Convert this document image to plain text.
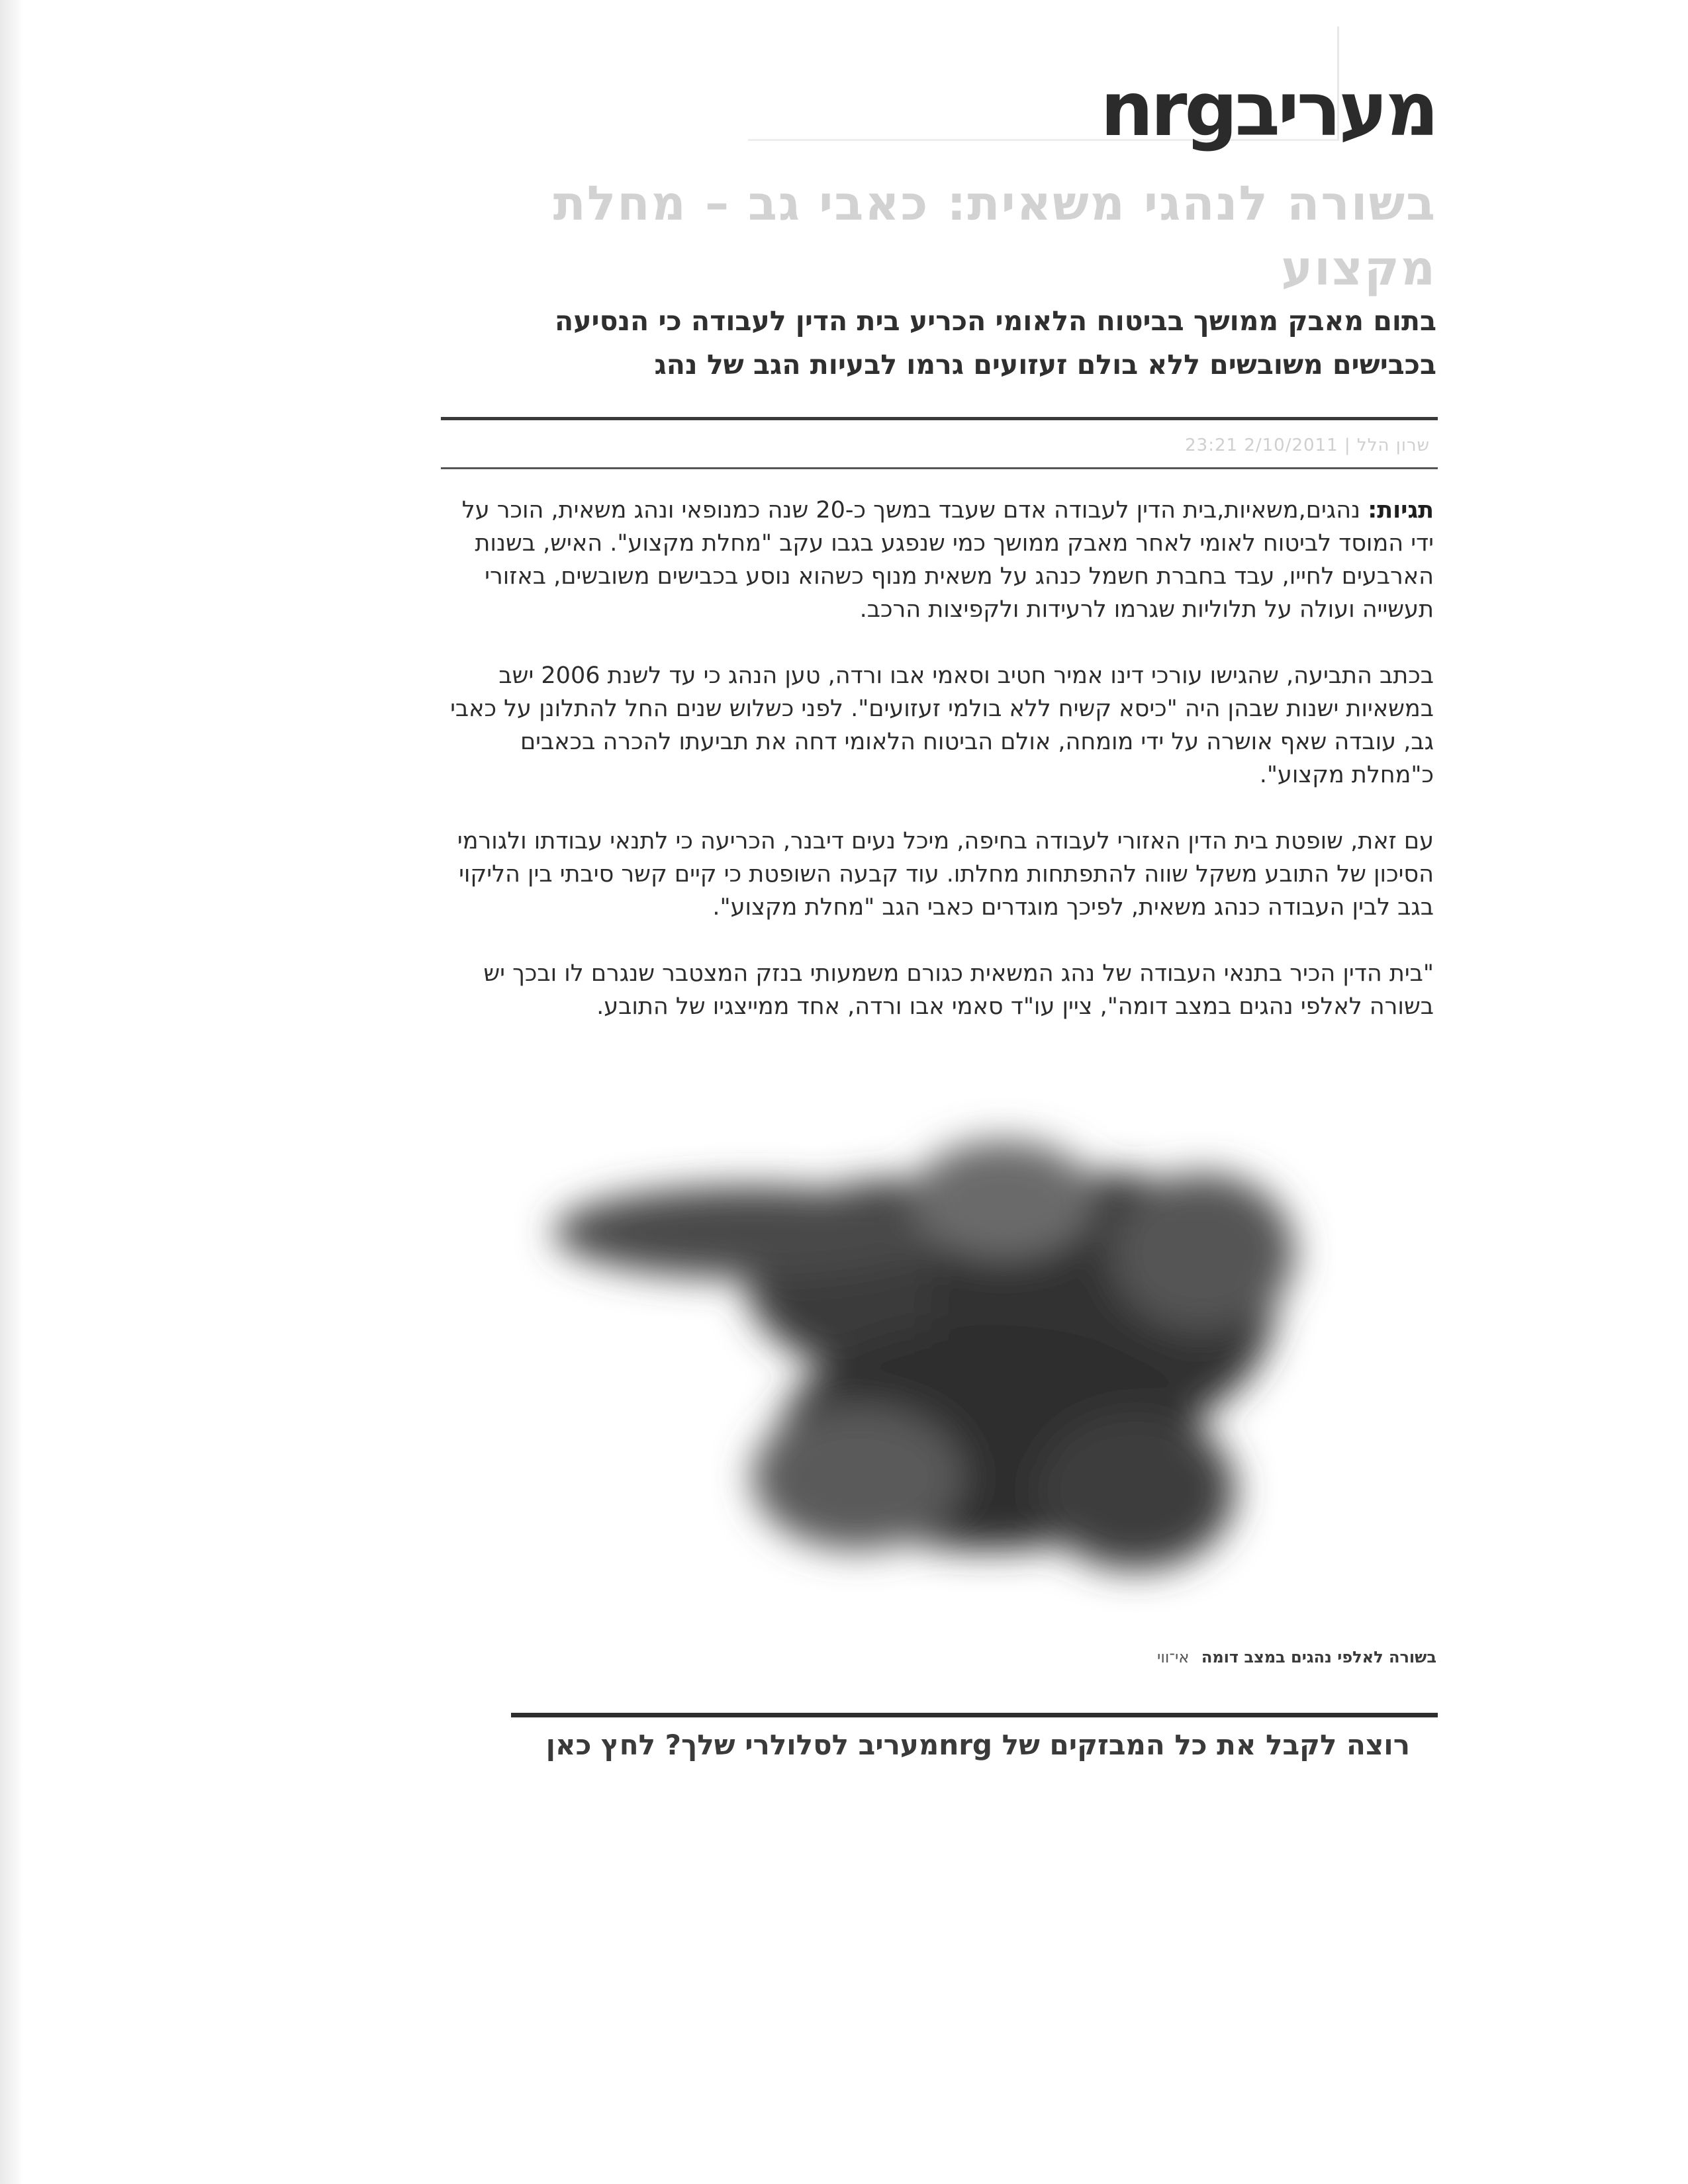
nrgמעריב
בשורה לנהגי משאית: כאבי גב – מחלת מקצוע
בתום מאבק ממושך בביטוח הלאומי הכריע בית הדין לעבודה כי הנסיעה בכבישים משובשים ללא בולם זעזועים גרמו לבעיות הגב של נהג
שרון הלל | 2/10/2011 23:21

תגיות: נהגים,משאיות,בית הדין לעבודה אדם שעבד במשך כ-20 שנה כמנופאי ונהג משאית, הוכר על ידי המוסד לביטוח לאומי לאחר מאבק ממושך כמי שנפגע בגבו עקב "מחלת מקצוע". האיש, בשנות הארבעים לחייו, עבד בחברת חשמל כנהג על משאית מנוף כשהוא נוסע בכבישים משובשים, באזורי תעשייה ועולה על תלוליות שגרמו לרעידות ולקפיצות הרכב.

בכתב התביעה, שהגישו עורכי דינו אמיר חטיב וסאמי אבו ורדה, טען הנהג כי עד לשנת 2006 ישב במשאיות ישנות שבהן היה "כיסא קשיח ללא בולמי זעזועים". לפני כשלוש שנים החל להתלונן על כאבי גב, עובדה שאף אושרה על ידי מומחה, אולם הביטוח הלאומי דחה את תביעתו להכרה בכאבים כ"מחלת מקצוע".

עם זאת, שופטת בית הדין האזורי לעבודה בחיפה, מיכל נעים דיבנר, הכריעה כי לתנאי עבודתו ולגורמי הסיכון של התובע משקל שווה להתפתחות מחלתו. עוד קבעה השופטת כי קיים קשר סיבתי בין הליקוי בגב לבין העבודה כנהג משאית, לפיכך מוגדרים כאבי הגב "מחלת מקצוע".

"בית הדין הכיר בתנאי העבודה של נהג המשאית כגורם משמעותי בנזק המצטבר שנגרם לו ובכך יש בשורה לאלפי נהגים במצב דומה", ציין עו"ד סאמי אבו ורדה, אחד ממייצגיו של התובע.

בשורה לאלפי נהגים במצב דומה אי־ווי
רוצה לקבל את כל המבזקים של nrgמעריב לסלולרי שלך? לחץ כאן
